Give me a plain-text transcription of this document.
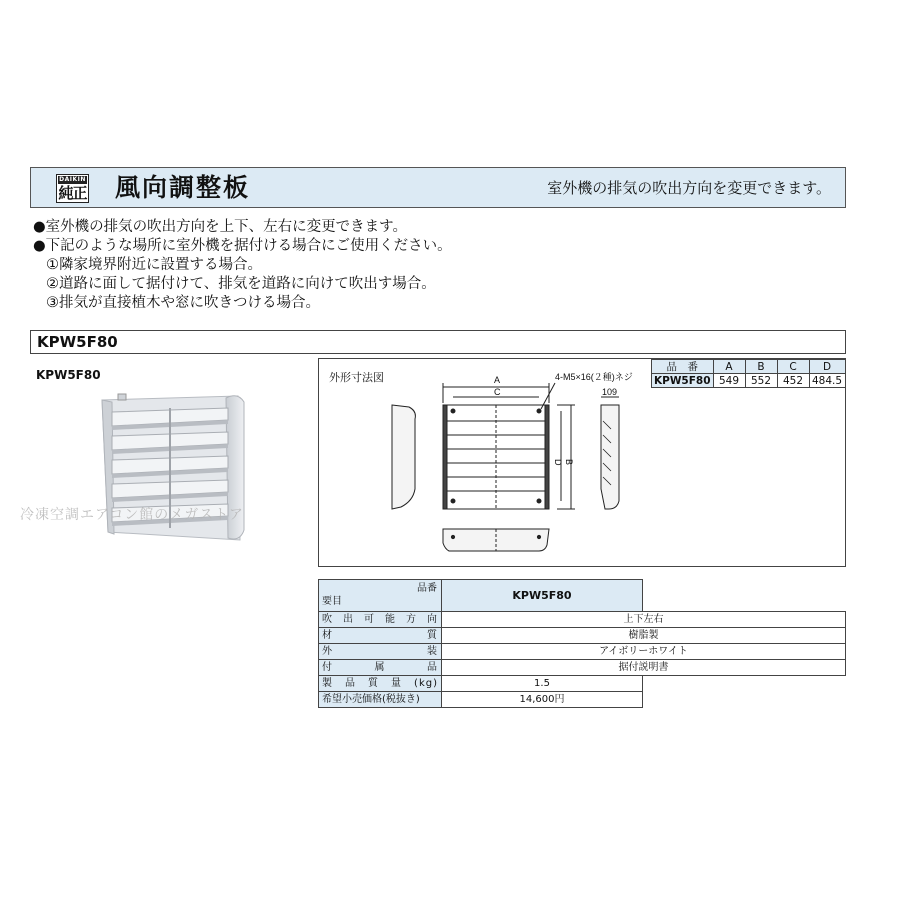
DAIKIN
純正 風向調整板	室外機の排気の吹出方向を変更できます。
●室外機の排気の吹出方向を上下、左右に変更できます。
●下記のような場所に室外機を据付ける場合にご使用ください。
①隣家境界附近に設置する場合。
②道路に面して据付けて、排気を道路に向けて吹出す場合。
③排気が直接植木や窓に吹きつける場合。
KPW5F80
KPW5F80
冷凍空調エアコン館のメガストア
外形寸法図	A
C
4-M5×16(２種)ネジ
D B
109
品　番	A	B	C	D
KPW5F80	549	552	452	484.5
品番
要目	KPW5F80	
吹出可能方向	上下左右	
材質	樹脂製	
外装	アイボリーホワイト	
付属品	据付説明書	
製品質量(kg)	1.5	
希望小売価格(税抜き)	14,600円	
